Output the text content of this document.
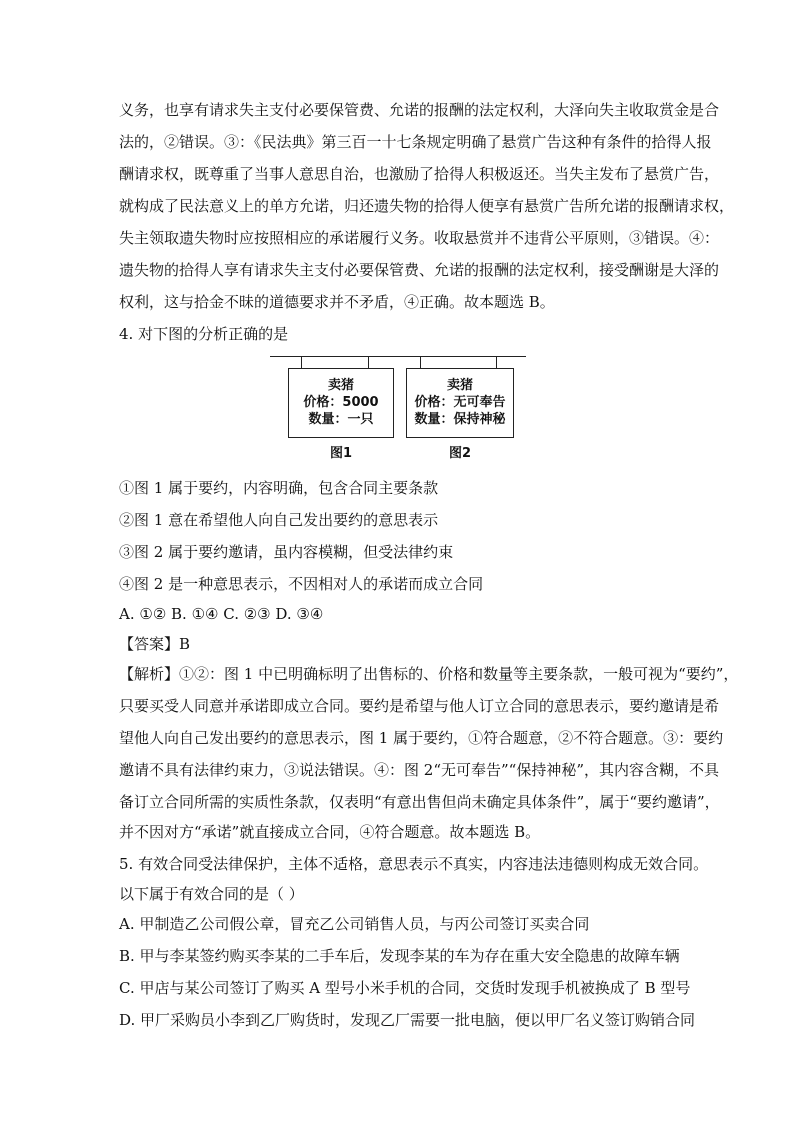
义务，也享有请求失主支付必要保管费、允诺的报酬的法定权利，大泽向失主收取赏金是合
法的，②错误。③：《民法典》第三百一十七条规定明确了悬赏广告这种有条件的拾得人报
酬请求权，既尊重了当事人意思自治，也激励了拾得人积极返还。当失主发布了悬赏广告，
就构成了民法意义上的单方允诺，归还遗失物的拾得人便享有悬赏广告所允诺的报酬请求权，
失主领取遗失物时应按照相应的承诺履行义务。收取悬赏并不违背公平原则，③错误。④：
遗失物的拾得人享有请求失主支付必要保管费、允诺的报酬的法定权利，接受酬谢是大泽的
权利，这与拾金不昧的道德要求并不矛盾，④正确。故本题选 B。
4. 对下图的分析正确的是
卖猪
价格：5000
数量：一只
卖猪
价格：无可奉告
数量：保持神秘
图1	图2
①图 1 属于要约，内容明确，包含合同主要条款
②图 1 意在希望他人向自己发出要约的意思表示
③图 2 属于要约邀请，虽内容模糊，但受法律约束
④图 2 是一种意思表示，不因相对人的承诺而成立合同
A. ①② B. ①④ C. ②③ D. ③④
【答案】B
【解析】①②：图 1 中已明确标明了出售标的、价格和数量等主要条款，一般可视为“要约”，
只要买受人同意并承诺即成立合同。要约是希望与他人订立合同的意思表示，要约邀请是希
望他人向自己发出要约的意思表示，图 1 属于要约，①符合题意，②不符合题意。③：要约
邀请不具有法律约束力，③说法错误。④：图 2“无可奉告”“保持神秘”，其内容含糊，不具
备订立合同所需的实质性条款，仅表明“有意出售但尚未确定具体条件”，属于“要约邀请”，
并不因对方“承诺”就直接成立合同，④符合题意。故本题选 B。
5. 有效合同受法律保护，主体不适格，意思表示不真实，内容违法违德则构成无效合同。
以下属于有效合同的是（ ）
A. 甲制造乙公司假公章，冒充乙公司销售人员，与丙公司签订买卖合同
B. 甲与李某签约购买李某的二手车后，发现李某的车为存在重大安全隐患的故障车辆
C. 甲店与某公司签订了购买 A 型号小米手机的合同，交货时发现手机被换成了 B 型号
D. 甲厂采购员小李到乙厂购货时，发现乙厂需要一批电脑，便以甲厂名义签订购销合同
